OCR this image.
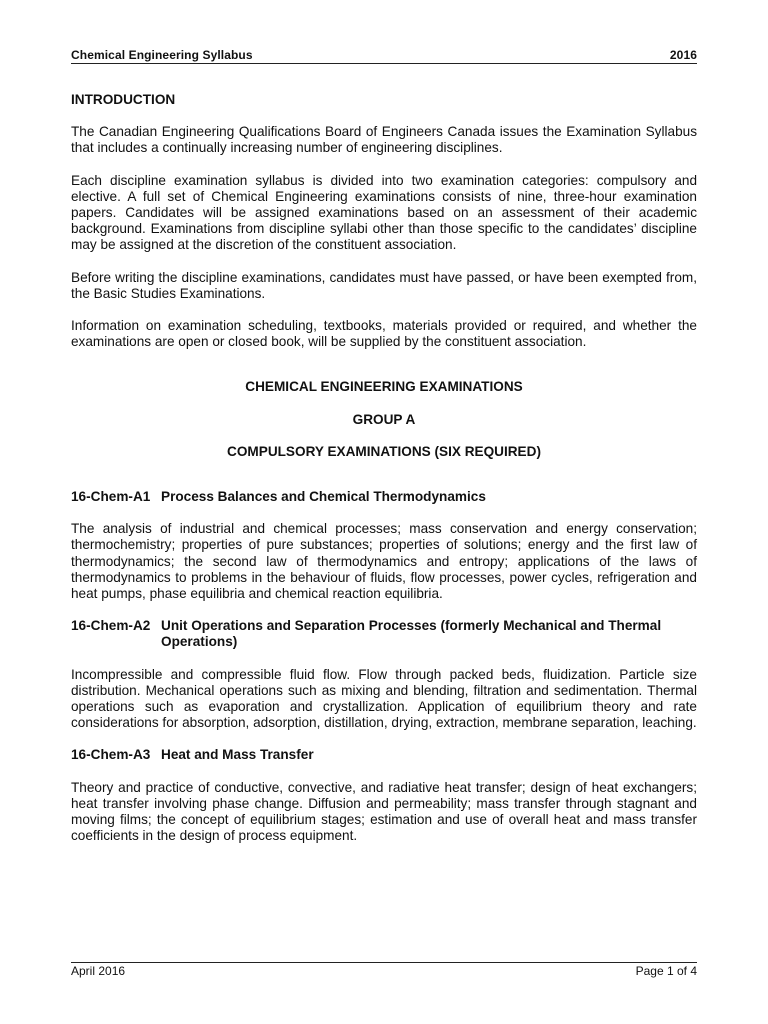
Chemical Engineering Syllabus	2016
INTRODUCTION

The Canadian Engineering Qualifications Board of Engineers Canada issues the Examination Syllabus that includes a continually increasing number of engineering disciplines.

Each discipline examination syllabus is divided into two examination categories: compulsory and elective. A full set of Chemical Engineering examinations consists of nine, three-hour examination papers. Candidates will be assigned examinations based on an assessment of their academic background. Examinations from discipline syllabi other than those specific to the candidates’ discipline may be assigned at the discretion of the constituent association.

Before writing the discipline examinations, candidates must have passed, or have been exempted from, the Basic Studies Examinations.

Information on examination scheduling, textbooks, materials provided or required, and whether the examinations are open or closed book, will be supplied by the constituent association.

CHEMICAL ENGINEERING EXAMINATIONS
GROUP A
COMPULSORY EXAMINATIONS (SIX REQUIRED)
16-Chem-A1 Process Balances and Chemical Thermodynamics

The analysis of industrial and chemical processes; mass conservation and energy conservation; thermochemistry; properties of pure substances; properties of solutions; energy and the first law of thermodynamics; the second law of thermodynamics and entropy; applications of the laws of thermodynamics to problems in the behaviour of fluids, flow processes, power cycles, refrigeration and heat pumps, phase equilibria and chemical reaction equilibria.

16-Chem-A2 Unit Operations and Separation Processes (formerly Mechanical and Thermal Operations)

Incompressible and compressible fluid flow. Flow through packed beds, fluidization. Particle size distribution. Mechanical operations such as mixing and blending, filtration and sedimentation. Thermal operations such as evaporation and crystallization. Application of equilibrium theory and rate considerations for absorption, adsorption, distillation, drying, extraction, membrane separation, leaching.

16-Chem-A3 Heat and Mass Transfer

Theory and practice of conductive, convective, and radiative heat transfer; design of heat exchangers; heat transfer involving phase change. Diffusion and permeability; mass transfer through stagnant and moving films; the concept of equilibrium stages; estimation and use of overall heat and mass transfer coefficients in the design of process equipment.

April 2016	Page 1 of 4
